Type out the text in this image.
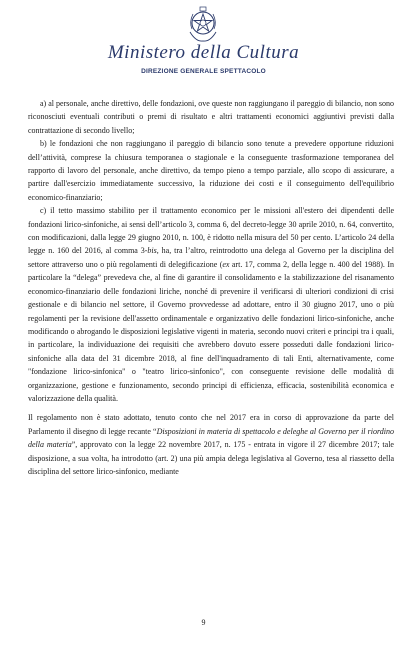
Ministero della Cultura
DIREZIONE GENERALE SPETTACOLO

a) al personale, anche direttivo, delle fondazioni, ove queste non raggiungano il pareggio di bilancio, non sono riconosciuti eventuali contributi o premi di risultato e altri trattamenti economici aggiuntivi previsti dalla contrattazione di secondo livello;

b) le fondazioni che non raggiungano il pareggio di bilancio sono tenute a prevedere opportune riduzioni dell’attività, comprese la chiusura temporanea o stagionale e la conseguente trasformazione temporanea del rapporto di lavoro del personale, anche direttivo, da tempo pieno a tempo parziale, allo scopo di assicurare, a partire dall'esercizio immediatamente successivo, la riduzione dei costi e il conseguimento dell'equilibrio economico-finanziario;

c) il tetto massimo stabilito per il trattamento economico per le missioni all'estero dei dipendenti delle fondazioni lirico-sinfoniche, ai sensi dell’articolo 3, comma 6, del decreto-legge 30 aprile 2010, n. 64, convertito, con modificazioni, dalla legge 29 giugno 2010, n. 100, è ridotto nella misura del 50 per cento. L’articolo 24 della legge n. 160 del 2016, al comma 3-bis, ha, tra l’altro, reintrodotto una delega al Governo per la disciplina del settore attraverso uno o più regolamenti di delegificazione (ex art. 17, comma 2, della legge n. 400 del 1988). In particolare la “delega” prevedeva che, al fine di garantire il consolidamento e la stabilizzazione del risanamento economico-finanziario delle fondazioni liriche, nonché di prevenire il verificarsi di ulteriori condizioni di crisi gestionale e di bilancio nel settore, il Governo provvedesse ad adottare, entro il 30 giugno 2017, uno o più regolamenti per la revisione dell'assetto ordinamentale e organizzativo delle fondazioni lirico-sinfoniche, anche modificando o abrogando le disposizioni legislative vigenti in materia, secondo nuovi criteri e principi tra i quali, in particolare, la individuazione dei requisiti che avrebbero dovuto essere posseduti dalle fondazioni lirico-sinfoniche alla data del 31 dicembre 2018, al fine dell'inquadramento di tali Enti, alternativamente, come "fondazione lirico-sinfonica" o "teatro lirico-sinfonico", con conseguente revisione delle modalità di organizzazione, gestione e funzionamento, secondo principi di efficienza, efficacia, sostenibilità economica e valorizzazione della qualità.

Il regolamento non è stato adottato, tenuto conto che nel 2017 era in corso di approvazione da parte del Parlamento il disegno di legge recante “Disposizioni in materia di spettacolo e deleghe al Governo per il riordino della materia”, approvato con la legge 22 novembre 2017, n. 175 - entrata in vigore il 27 dicembre 2017; tale disposizione, a sua volta, ha introdotto (art. 2) una più ampia delega legislativa al Governo, tesa al riassetto della disciplina del settore lirico-sinfonico, mediante

9
